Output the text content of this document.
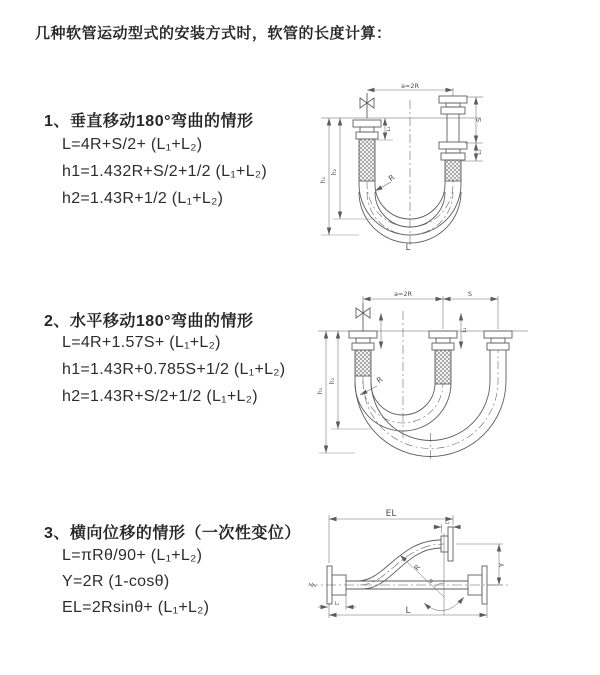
几种软管运动型式的安装方式时，软管的长度计算：
1、垂直移动180°弯曲的情形
L=4R+S/2+ (L₁+L₂)
h1=1.432R+S/2+1/2 (L₁+L₂)
h2=1.43R+1/2 (L₁+L₂)
a=2R
h₁
h₂
L₁
S
L₂
R
L
2、水平移动180°弯曲的情形
L=4R+1.57S+ (L₁+L₂)
h1=1.43R+0.785S+1/2 (L₁+L₂)
h2=1.43R+S/2+1/2 (L₁+L₂)
a=2R	S
h₁
h₂
L₁
R
3、横向位移的情形（一次性变位）
L=πRθ/90+ (L₁+L₂)
Y=2R (1-cosθ)
EL=2Rsinθ+ (L₁+L₂)
EL
L₁
Y
L
L₁
R
θ
